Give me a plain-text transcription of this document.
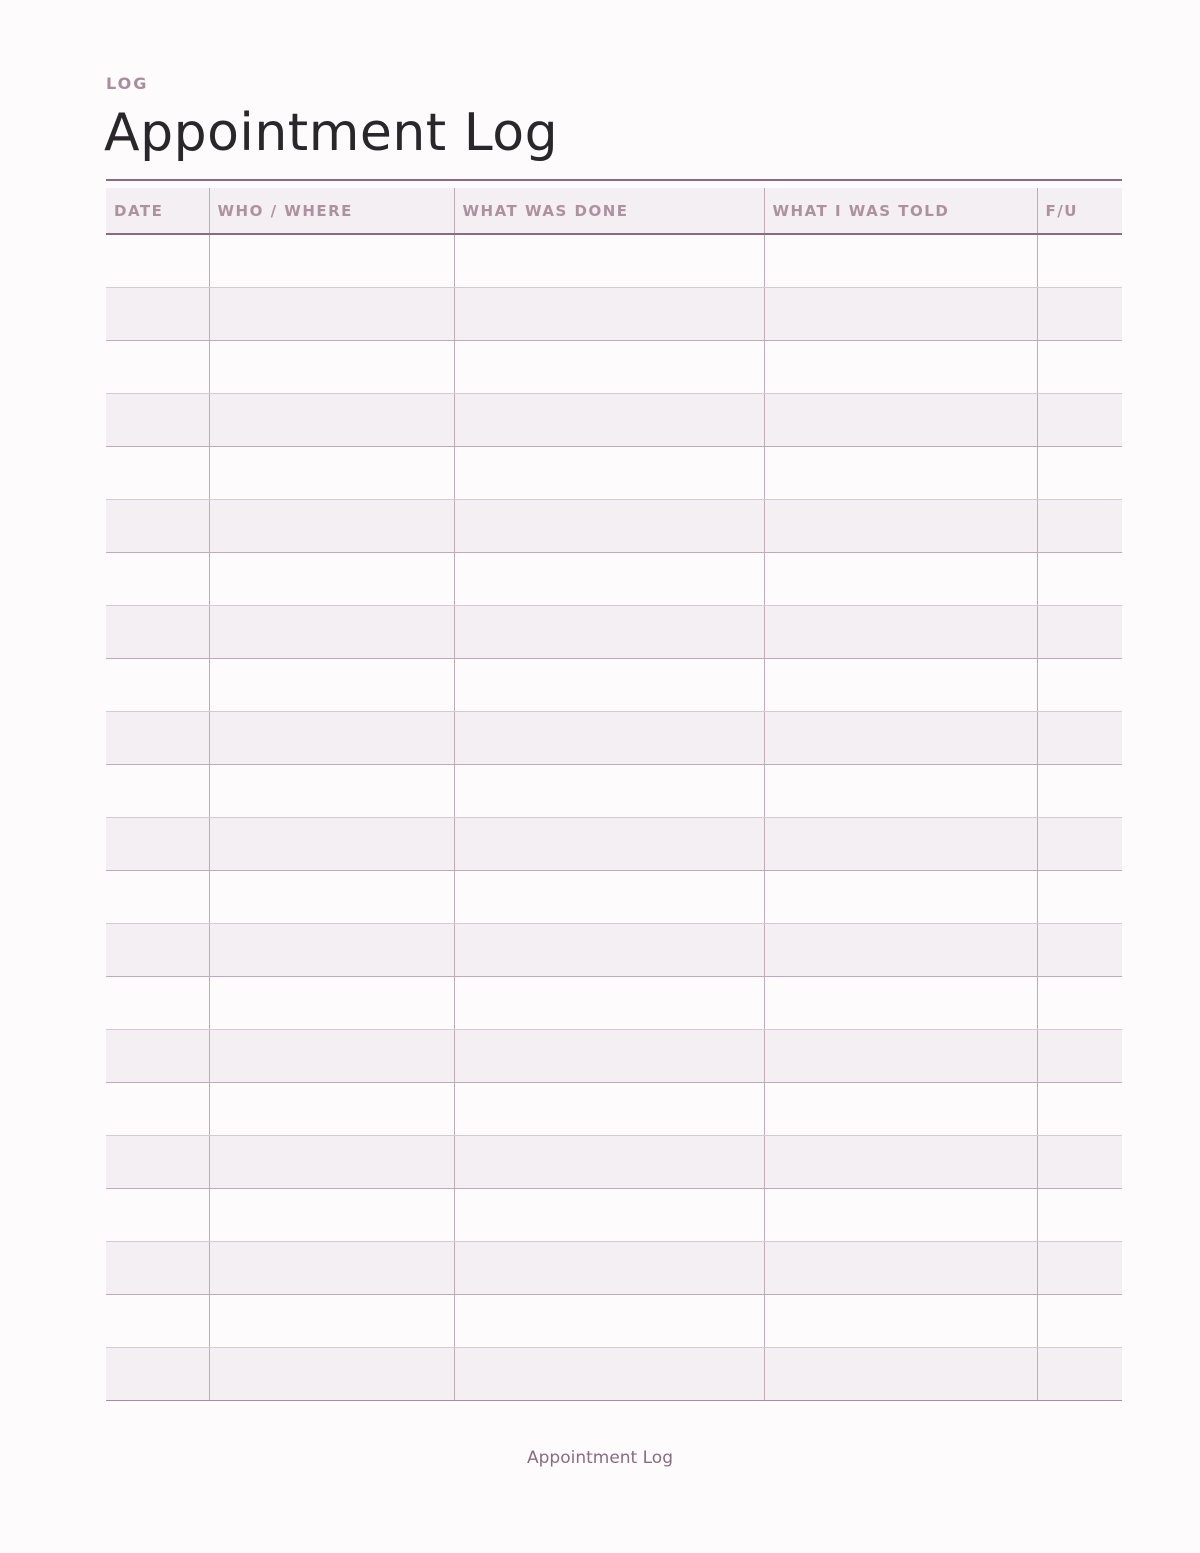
LOG
Appointment Log
DATE	WHO / WHERE	WHAT WAS DONE	WHAT I WAS TOLD	F/U

Appointment Log
